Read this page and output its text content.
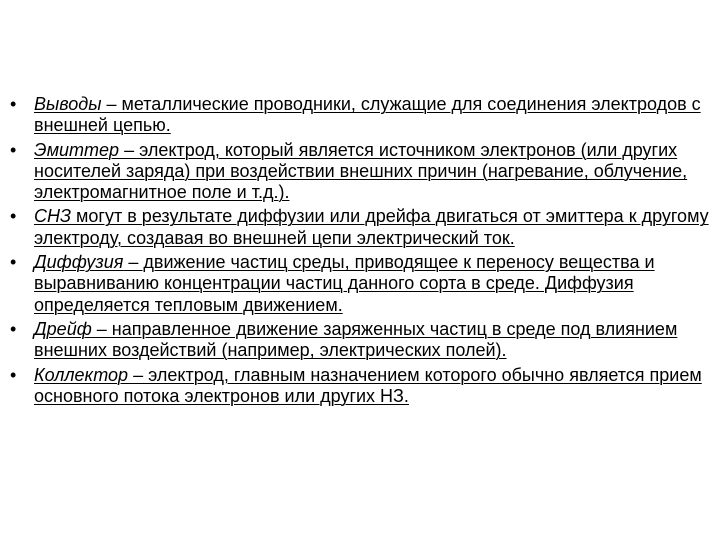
• Выводы – металлические проводники, служащие для соединения электродов с внешней цепью.
• Эмиттер – электрод, который является источником электронов (или других носителей заряда) при воздействии внешних причин (нагревание, облучение, электромагнитное поле и т.д.).
• СНЗ могут в результате диффузии или дрейфа двигаться от эмиттера к другому электроду, создавая во внешней цепи электрический ток.
• Диффузия – движение частиц среды, приводящее к переносу вещества и выравниванию концентрации частиц данного сорта в среде. Диффузия определяется тепловым движением.
• Дрейф – направленное движение заряженных частиц в среде под влиянием внешних воздействий (например, электрических полей).
• Коллектор – электрод, главным назначением которого обычно является прием основного потока электронов или других НЗ.
